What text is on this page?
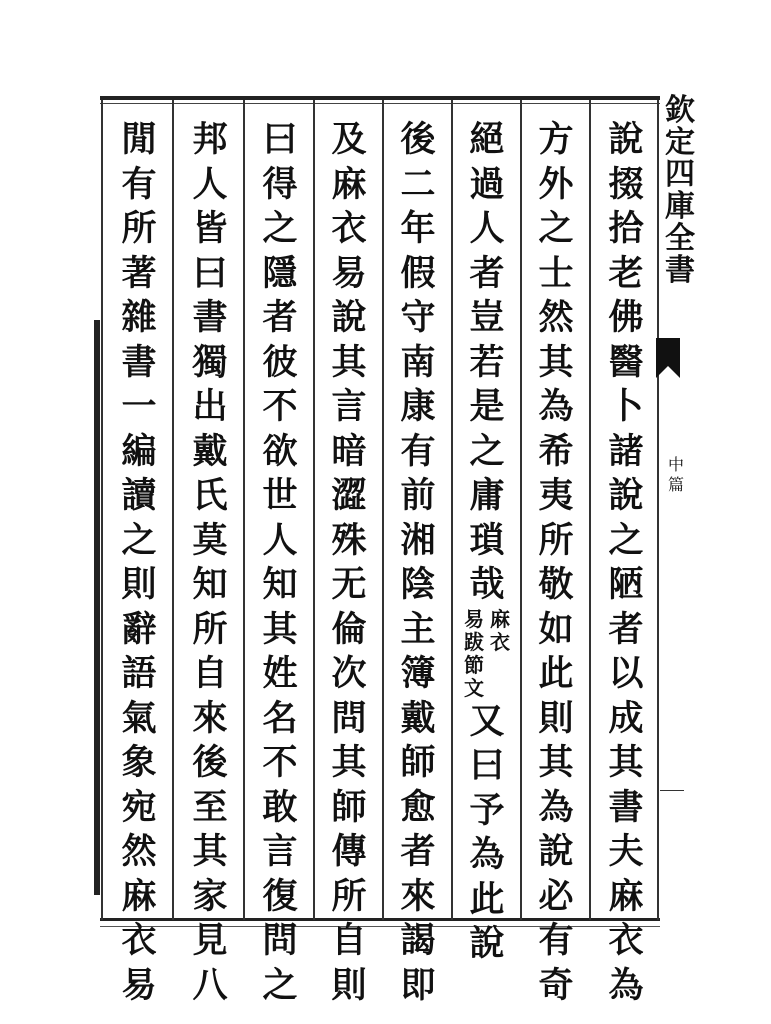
欽
定
四
庫
全
書
中
篇
說
掇
拾
老
佛
醫
卜
諸
說
之
陋
者
以
成
其
書
夫
麻
衣
為
方
外
之
士
然
其
為
希
夷
所
敬
如
此
則
其
為
說
必
有
奇
絕
過
人
者
豈
若
是
之
庸
瑣
哉
麻
衣
易
跋
節
文
又
曰
予
為
此
說
後
二
年
假
守
南
康
有
前
湘
陰
主
簿
戴
師
愈
者
來
謁
即
及
麻
衣
易
說
其
言
暗
澀
殊
无
倫
次
問
其
師
傳
所
自
則
曰
得
之
隱
者
彼
不
欲
世
人
知
其
姓
名
不
敢
言
復
問
之
邦
人
皆
曰
書
獨
出
戴
氏
莫
知
所
自
來
後
至
其
家
見
八
閒
有
所
著
雜
書
一
編
讀
之
則
辭
語
氣
象
宛
然
麻
衣
易
